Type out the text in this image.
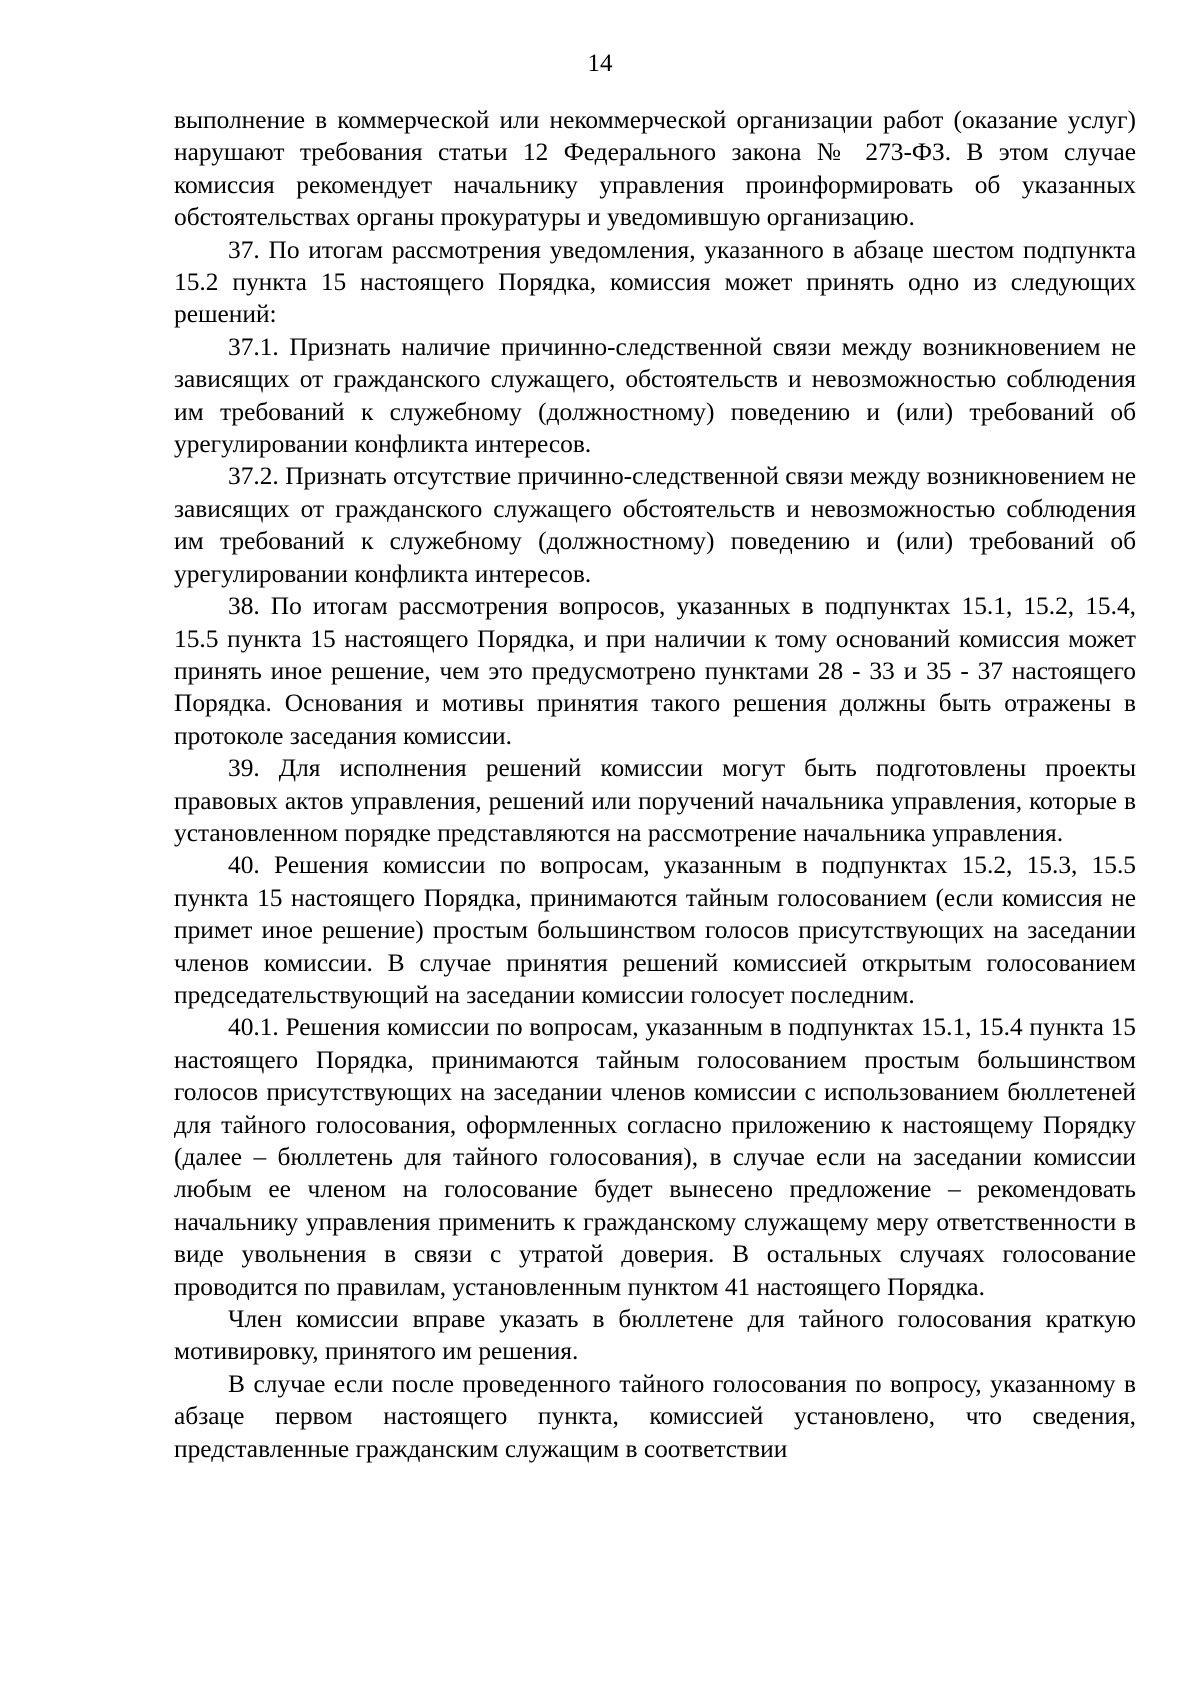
14

выполнение в коммерческой или некоммерческой организации работ (оказание услуг) нарушают требования статьи 12 Федерального закона № 273-ФЗ. В этом случае комиссия рекомендует начальнику управления проинформировать об указанных обстоятельствах органы прокуратуры и уведомившую организацию.

37. По итогам рассмотрения уведомления, указанного в абзаце шестом подпункта 15.2 пункта 15 настоящего Порядка, комиссия может принять одно из следующих решений:

37.1. Признать наличие причинно-следственной связи между возникновением не зависящих от гражданского служащего, обстоятельств и невозможностью соблюдения им требований к служебному (должностному) поведению и (или) требований об урегулировании конфликта интересов.

37.2. Признать отсутствие причинно-следственной связи между возникновением не зависящих от гражданского служащего обстоятельств и невозможностью соблюдения им требований к служебному (должностному) поведению и (или) требований об урегулировании конфликта интересов.

38. По итогам рассмотрения вопросов, указанных в подпунктах 15.1, 15.2, 15.4, 15.5 пункта 15 настоящего Порядка, и при наличии к тому оснований комиссия может принять иное решение, чем это предусмотрено пунктами 28 - 33 и 35 - 37 настоящего Порядка. Основания и мотивы принятия такого решения должны быть отражены в протоколе заседания комиссии.

39. Для исполнения решений комиссии могут быть подготовлены проекты правовых актов управления, решений или поручений начальника управления, которые в установленном порядке представляются на рассмотрение начальника управления.

40. Решения комиссии по вопросам, указанным в подпунктах 15.2, 15.3, 15.5 пункта 15 настоящего Порядка, принимаются тайным голосованием (если комиссия не примет иное решение) простым большинством голосов присутствующих на заседании членов комиссии. В случае принятия решений комиссией открытым голосованием председательствующий на заседании комиссии голосует последним.

40.1. Решения комиссии по вопросам, указанным в подпунктах 15.1, 15.4 пункта 15 настоящего Порядка, принимаются тайным голосованием простым большинством голосов присутствующих на заседании членов комиссии с использованием бюллетеней для тайного голосования, оформленных согласно приложению к настоящему Порядку (далее – бюллетень для тайного голосования), в случае если на заседании комиссии любым ее членом на голосование будет вынесено предложение – рекомендовать начальнику управления применить к гражданскому служащему меру ответственности в виде увольнения в связи с утратой доверия. В остальных случаях голосование проводится по правилам, установленным пунктом 41 настоящего Порядка.

Член комиссии вправе указать в бюллетене для тайного голосования краткую мотивировку, принятого им решения.

В случае если после проведенного тайного голосования по вопросу, указанному в абзаце первом настоящего пункта, комиссией установлено, что сведения, представленные гражданским служащим в соответствии
